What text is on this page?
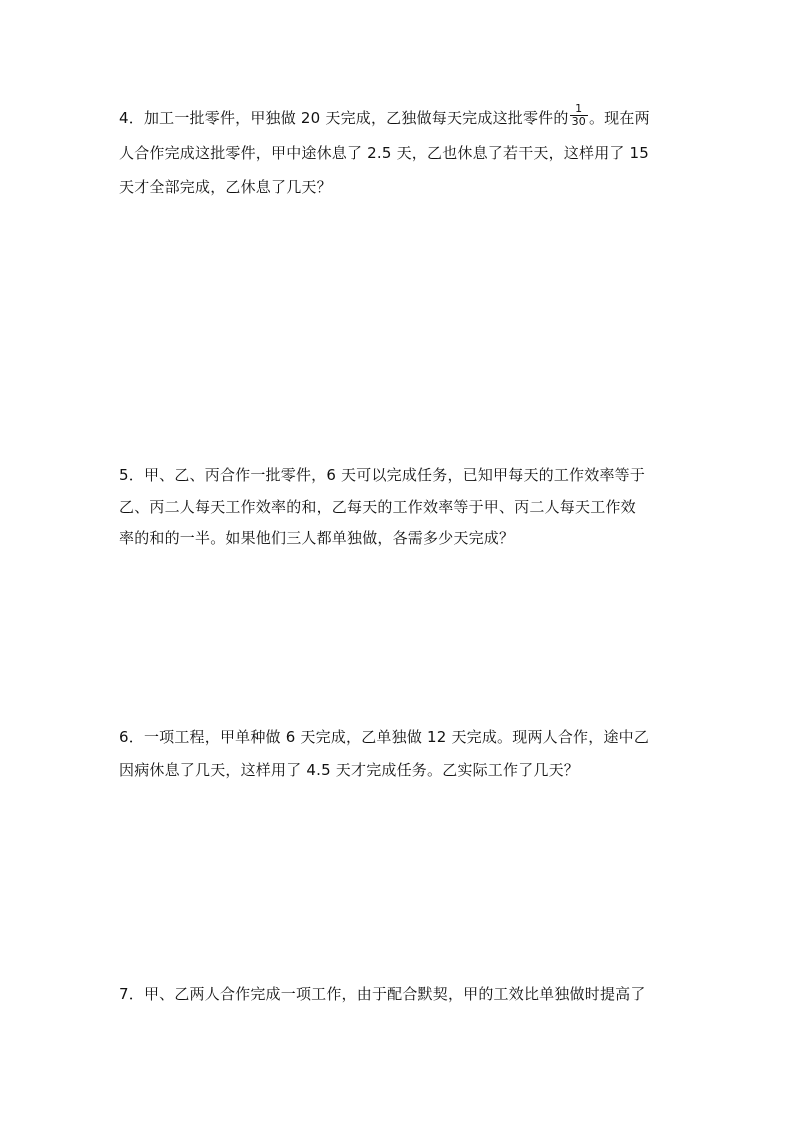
4．加工一批零件，甲独做 20 天完成，乙独做每天完成这批零件的 $\frac{1}{30}$ 。现在两
人合作完成这批零件，甲中途休息了 2.5 天，乙也休息了若干天，这样用了 15
天才全部完成，乙休息了几天？
5．甲、乙、丙合作一批零件，6 天可以完成任务，已知甲每天的工作效率等于
乙、丙二人每天工作效率的和，乙每天的工作效率等于甲、丙二人每天工作效
率的和的一半。如果他们三人都单独做，各需多少天完成？
6．一项工程，甲单种做 6 天完成，乙单独做 12 天完成。现两人合作，途中乙
因病休息了几天，这样用了 4.5 天才完成任务。乙实际工作了几天？
7．甲、乙两人合作完成一项工作，由于配合默契，甲的工效比单独做时提高了
